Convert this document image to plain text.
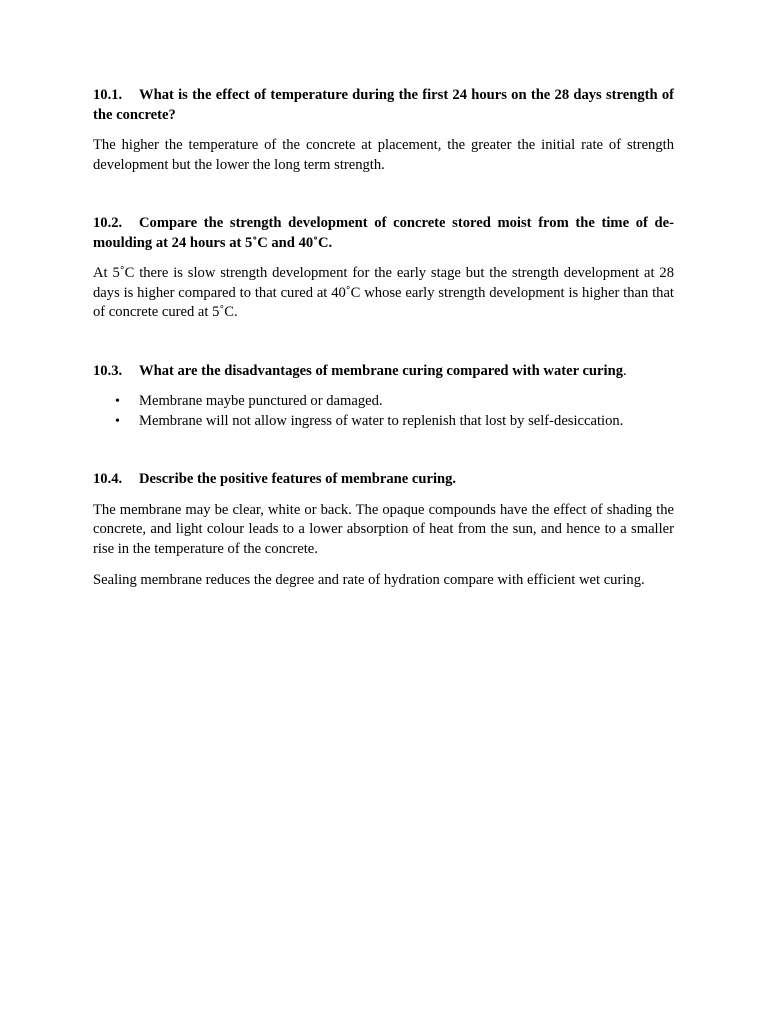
10.1. What is the effect of temperature during the first 24 hours on the 28 days strength of the concrete?

The higher the temperature of the concrete at placement, the greater the initial rate of strength development but the lower the long term strength.

10.2. Compare the strength development of concrete stored moist from the time of de-moulding at 24 hours at 5˚C and 40˚C.

At 5˚C there is slow strength development for the early stage but the strength development at 28 days is higher compared to that cured at 40˚C whose early strength development is higher than that of concrete cured at 5˚C.

10.3. What are the disadvantages of membrane curing compared with water curing.

• Membrane maybe punctured or damaged.
• Membrane will not allow ingress of water to replenish that lost by self-desiccation.

10.4. Describe the positive features of membrane curing.

The membrane may be clear, white or back. The opaque compounds have the effect of shading the concrete, and light colour leads to a lower absorption of heat from the sun, and hence to a smaller rise in the temperature of the concrete.

Sealing membrane reduces the degree and rate of hydration compare with efficient wet curing.
